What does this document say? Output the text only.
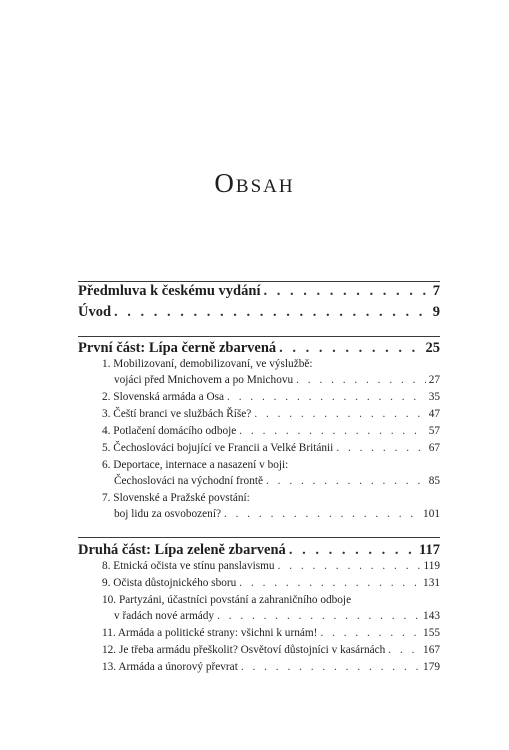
Obsah
Předmluva k českému vydání . . .	7
Úvod . . .	9
První část: Lípa černě zbarvená . . .	25
1. Mobilizovaní, demobilizovaní, ve výslužbě:
vojáci před Mnichovem a po Mnichovu . . .	27
2. Slovenská armáda a Osa . . .	35
3. Čeští branci ve službách Říše? . . .	47
4. Potlačení domácího odboje . . .	57
5. Čechoslováci bojující ve Francii a Velké Británii . . .	67
6. Deportace, internace a nasazení v boji:
Čechoslováci na východní frontě . . .	85
7. Slovenské a Pražské povstání:
boj lidu za osvobození? . . .	101
Druhá část: Lípa zeleně zbarvená . . .	117
8. Etnická očista ve stínu panslavismu . . .	119
9. Očista důstojnického sboru . . .	131
10. Partyzáni, účastníci povstání a zahraničního odboje
v řadách nové armády . . .	143
11. Armáda a politické strany: všichni k urnám! . . .	155
12. Je třeba armádu přeškolit? Osvětoví důstojníci v kasárnách . . .	167
13. Armáda a únorový převrat . . .	179
